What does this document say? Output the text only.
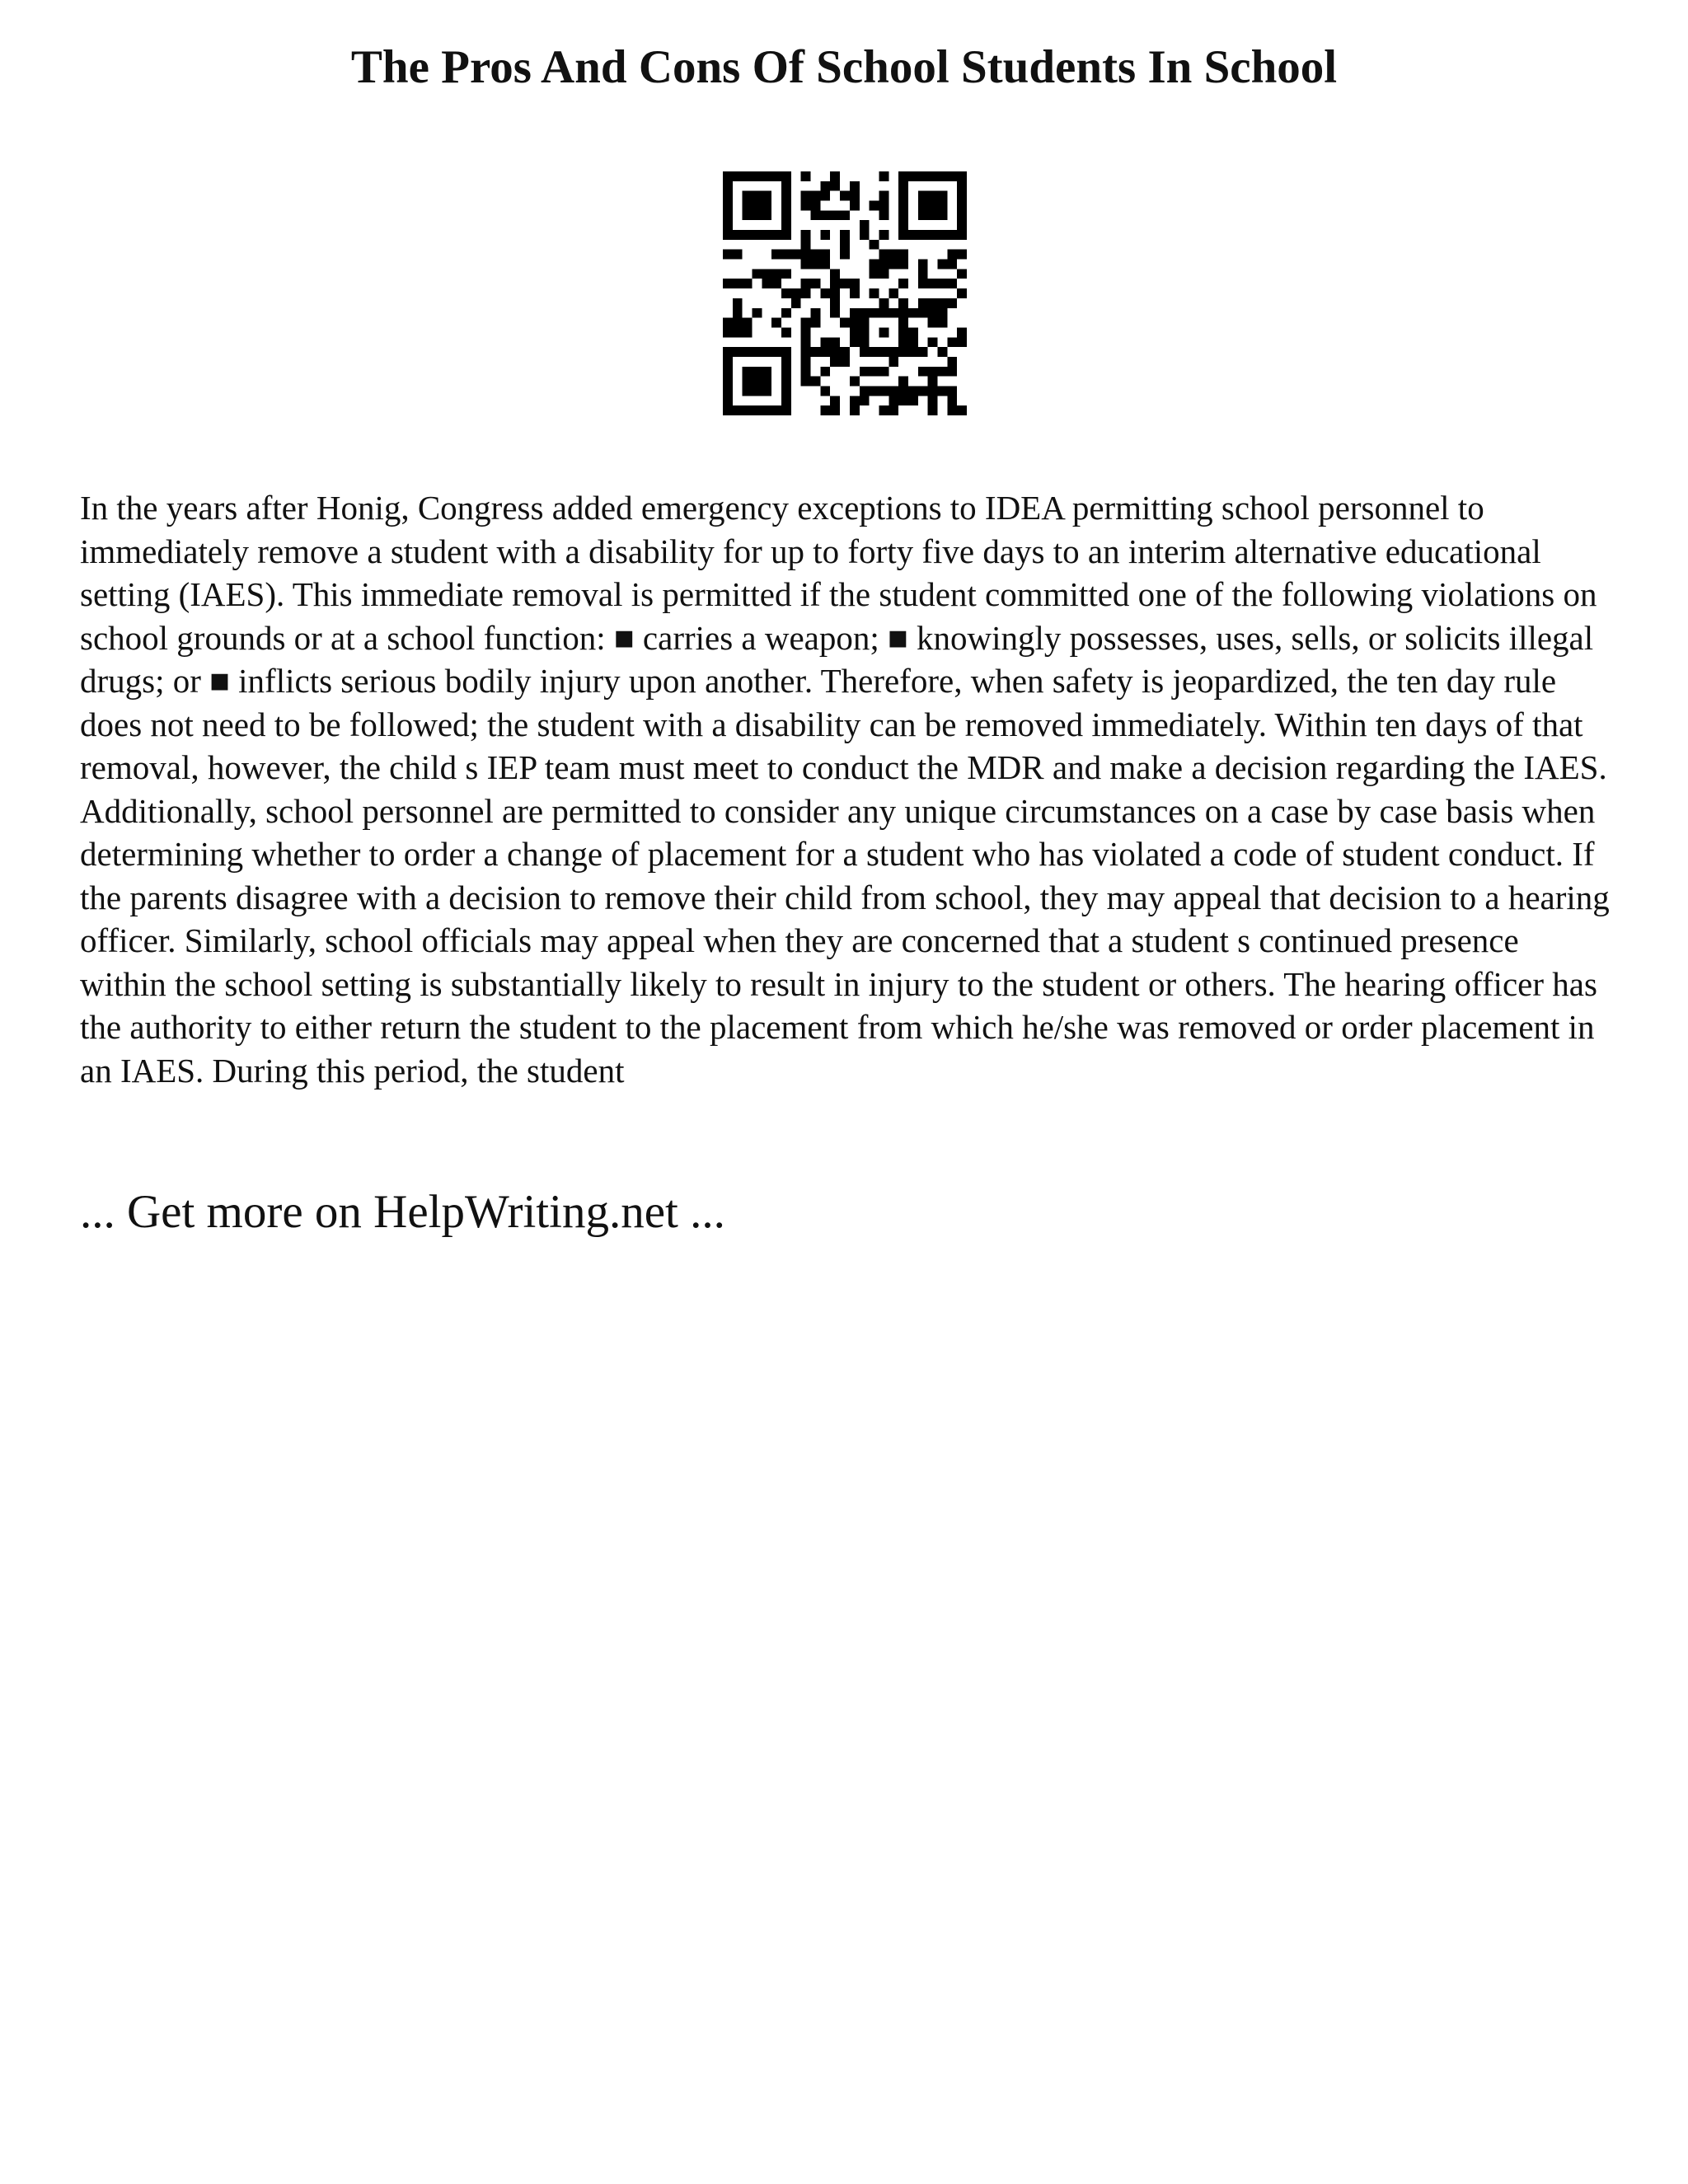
The Pros And Cons Of School Students In School

In the years after Honig, Congress added emergency exceptions to IDEA permitting school personnel to immediately remove a student with a disability for up to forty five days to an interim alternative educational setting (IAES). This immediate removal is permitted if the student committed one of the following violations on school grounds or at a school function: ■ carries a weapon; ■ knowingly possesses, uses, sells, or solicits illegal drugs; or ■ inflicts serious bodily injury upon another. Therefore, when safety is jeopardized, the ten day rule does not need to be followed; the student with a disability can be removed immediately. Within ten days of that removal, however, the child s IEP team must meet to conduct the MDR and make a decision regarding the IAES. Additionally, school personnel are permitted to consider any unique circumstances on a case by case basis when determining whether to order a change of placement for a student who has violated a code of student conduct. If the parents disagree with a decision to remove their child from school, they may appeal that decision to a hearing officer. Similarly, school officials may appeal when they are concerned that a student s continued presence within the school setting is substantially likely to result in injury to the student or others. The hearing officer has the authority to either return the student to the placement from which he/she was removed or order placement in an IAES. During this period, the student

... Get more on HelpWriting.net ...
